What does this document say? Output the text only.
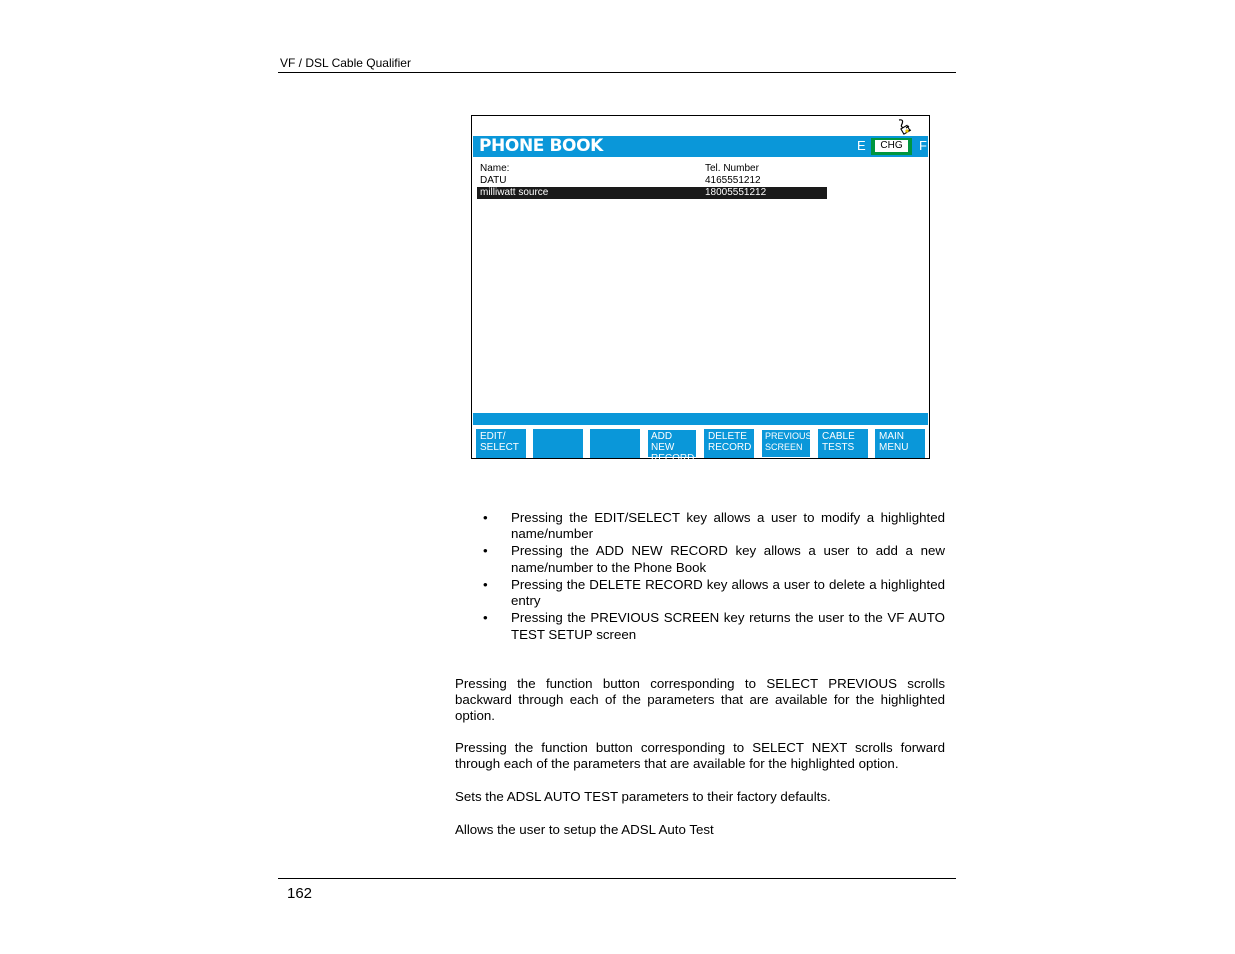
VF / DSL Cable Qualifier
PHONE BOOK	E	CHG	F
Name:	Tel. Number
DATU	4165551212
milliwatt source	18005551212
EDIT/
SELECT
ADD NEW
RECORD
DELETE
RECORD
PREVIOUS
SCREEN
CABLE
TESTS
MAIN
MENU
• Pressing the EDIT/SELECT key allows a user to modify a highlighted name/number
• Pressing the ADD NEW RECORD key allows a user to add a new name/number to the Phone Book
• Pressing the DELETE RECORD key allows a user to delete a highlighted entry
• Pressing the PREVIOUS SCREEN key returns the user to the VF AUTO TEST SETUP screen
Pressing the function button corresponding to SELECT PREVIOUS scrolls backward through each of the parameters that are available for the highlighted option.
Pressing the function button corresponding to SELECT NEXT scrolls forward through each of the parameters that are available for the highlighted option.
Sets the ADSL AUTO TEST parameters to their factory defaults.
Allows the user to setup the ADSL Auto Test
162
